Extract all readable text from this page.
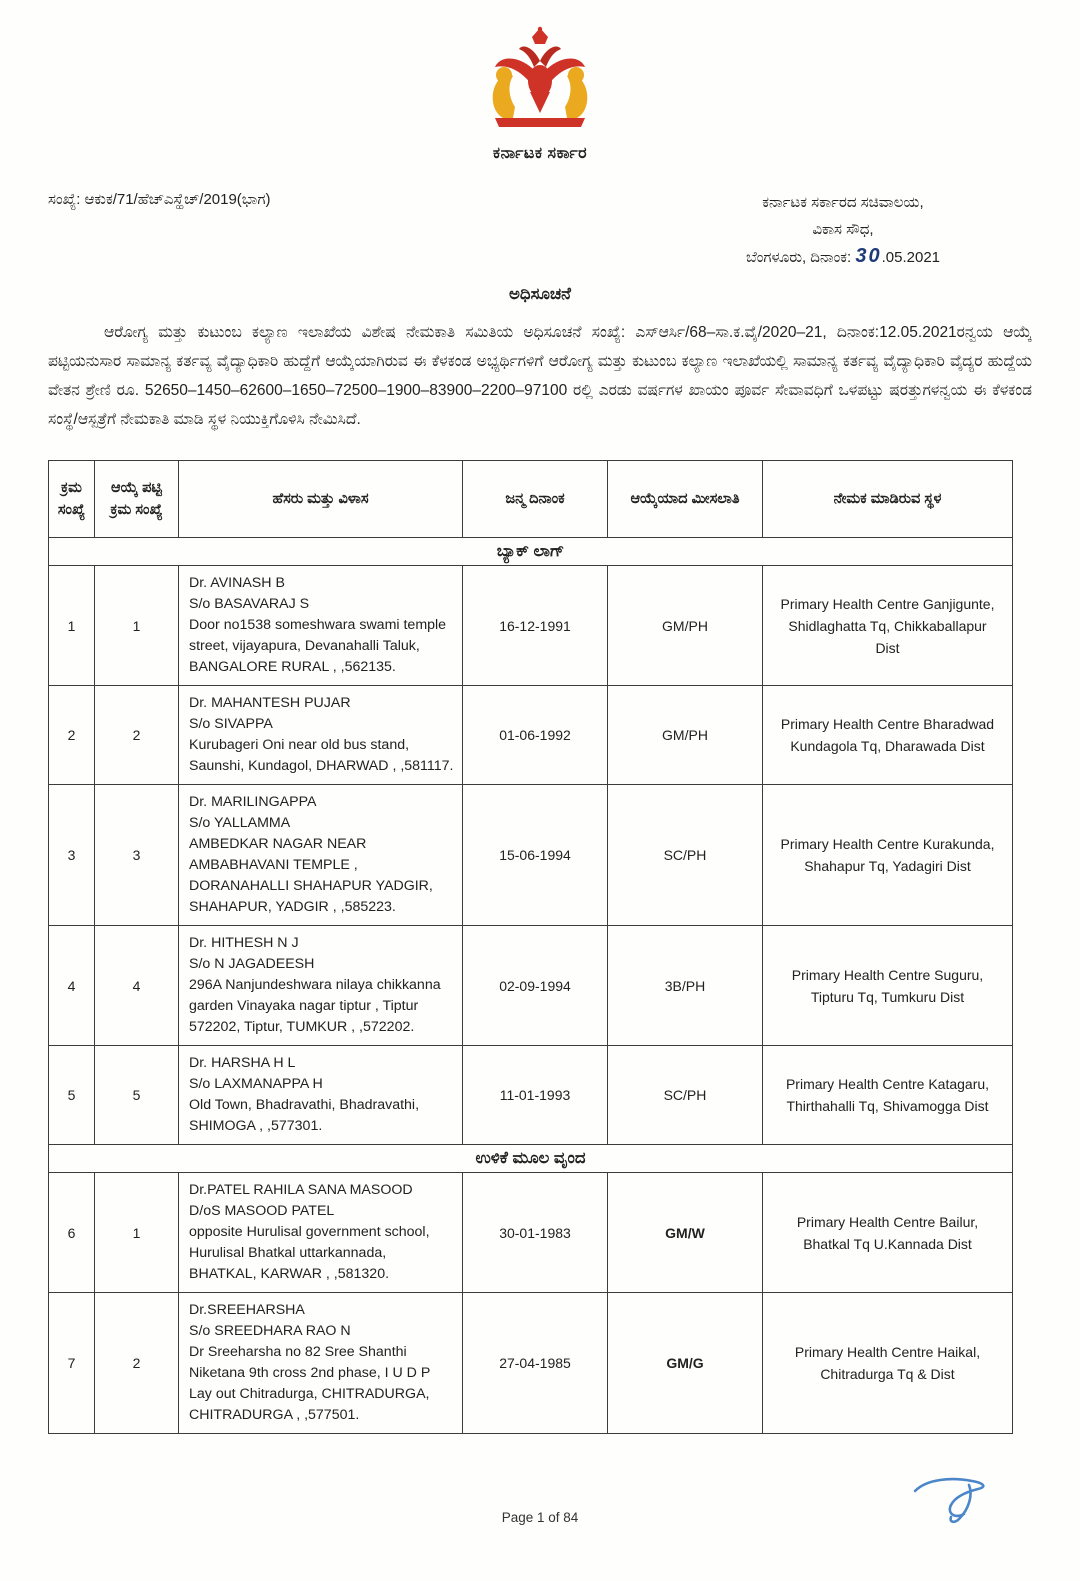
ಕರ್ನಾಟಕ ಸರ್ಕಾರ
ಸಂಖ್ಯೆ: ಆಕುಕ/71/ಹೆಚ್ಎಸ್ಹೆಚ್/2019(ಭಾಗ)	ಕರ್ನಾಟಕ ಸರ್ಕಾರದ ಸಚಿವಾಲಯ,
ವಿಕಾಸ ಸೌಧ,
ಬೆಂಗಳೂರು, ದಿನಾಂಕ: 30.05.2021
ಅಧಿಸೂಚನೆ

ಆರೋಗ್ಯ ಮತ್ತು ಕುಟುಂಬ ಕಲ್ಯಾಣ ಇಲಾಖೆಯ ವಿಶೇಷ ನೇಮಕಾತಿ ಸಮಿತಿಯ ಅಧಿಸೂಚನೆ ಸಂಖ್ಯೆ: ಎಸ್ಆರ್ಸಿ/68–ಸಾ.ಕ.ವೈ/2020–21, ದಿನಾಂಕ:12.05.2021ರನ್ವಯ ಆಯ್ಕೆ ಪಟ್ಟಿಯನುಸಾರ ಸಾಮಾನ್ಯ ಕರ್ತವ್ಯ ವೈದ್ಯಾಧಿಕಾರಿ ಹುದ್ದೆಗೆ ಆಯ್ಕೆಯಾಗಿರುವ ಈ ಕೆಳಕಂಡ ಅಭ್ಯರ್ಥಿಗಳಿಗೆ ಆರೋಗ್ಯ ಮತ್ತು ಕುಟುಂಬ ಕಲ್ಯಾಣ ಇಲಾಖೆಯಲ್ಲಿ ಸಾಮಾನ್ಯ ಕರ್ತವ್ಯ ವೈದ್ಯಾಧಿಕಾರಿ ವೈದ್ಯರ ಹುದ್ದೆಯ ವೇತನ ಶ್ರೇಣಿ ರೂ. 52650–1450–62600–1650–72500–1900–83900–2200–97100 ರಲ್ಲಿ ಎರಡು ವರ್ಷಗಳ ಖಾಯಂ ಪೂರ್ವ ಸೇವಾವಧಿಗೆ ಒಳಪಟ್ಟು ಷರತ್ತುಗಳನ್ವಯ ಈ ಕೆಳಕಂಡ ಸಂಸ್ಥೆ/ಆಸ್ಪತ್ರೆಗೆ ನೇಮಕಾತಿ ಮಾಡಿ ಸ್ಥಳ ನಿಯುಕ್ತಿಗೊಳಿಸಿ ನೇಮಿಸಿದೆ.

ಕ್ರಮ ಸಂಖ್ಯೆ	ಆಯ್ಕೆ ಪಟ್ಟಿ ಕ್ರಮ ಸಂಖ್ಯೆ	ಹೆಸರು ಮತ್ತು ವಿಳಾಸ	ಜನ್ಮ ದಿನಾಂಕ	ಆಯ್ಕೆಯಾದ ಮೀಸಲಾತಿ	ನೇಮಕ ಮಾಡಿರುವ ಸ್ಥಳ
ಬ್ಯಾಕ್ ಲಾಗ್					
1	1	Dr. AVINASH B
S/o BASAVARAJ S
Door no1538 someshwara swami temple street, vijayapura, Devanahalli Taluk, BANGALORE RURAL , ,562135.	16-12-1991	GM/PH	Primary Health Centre Ganjigunte, Shidlaghatta Tq, Chikkaballapur Dist
2	2	Dr. MAHANTESH PUJAR
S/o SIVAPPA
Kurubageri Oni near old bus stand, Saunshi, Kundagol, DHARWAD , ,581117.	01-06-1992	GM/PH	Primary Health Centre Bharadwad Kundagola Tq, Dharawada Dist
3	3	Dr. MARILINGAPPA
S/o YALLAMMA
AMBEDKAR NAGAR NEAR AMBABHAVANI TEMPLE , DORANAHALLI SHAHAPUR YADGIR, SHAHAPUR, YADGIR , ,585223.	15-06-1994	SC/PH	Primary Health Centre Kurakunda, Shahapur Tq, Yadagiri Dist
4	4	Dr. HITHESH N J
S/o N JAGADEESH
296A Nanjundeshwara nilaya chikkanna garden Vinayaka nagar tiptur , Tiptur 572202, Tiptur, TUMKUR , ,572202.	02-09-1994	3B/PH	Primary Health Centre Suguru, Tipturu Tq, Tumkuru Dist
5	5	Dr. HARSHA H L
S/o LAXMANAPPA H
Old Town, Bhadravathi, Bhadravathi, SHIMOGA , ,577301.	11-01-1993	SC/PH	Primary Health Centre Katagaru, Thirthahalli Tq, Shivamogga Dist
ಉಳಿಕೆ ಮೂಲ ವೃಂದ					
6	1	Dr.PATEL RAHILA SANA MASOOD
D/oS MASOOD PATEL
opposite Hurulisal government school, Hurulisal Bhatkal uttarkannada, BHATKAL, KARWAR , ,581320.	30-01-1983	GM/W	Primary Health Centre Bailur, Bhatkal Tq U.Kannada Dist
7	2	Dr.SREEHARSHA
S/o SREEDHARA RAO N
Dr Sreeharsha no 82 Sree Shanthi Niketana 9th cross 2nd phase, I U D P Lay out Chitradurga, CHITRADURGA, CHITRADURGA , ,577501.	27-04-1985	GM/G	Primary Health Centre Haikal, Chitradurga Tq & Dist
Page 1 of 84
